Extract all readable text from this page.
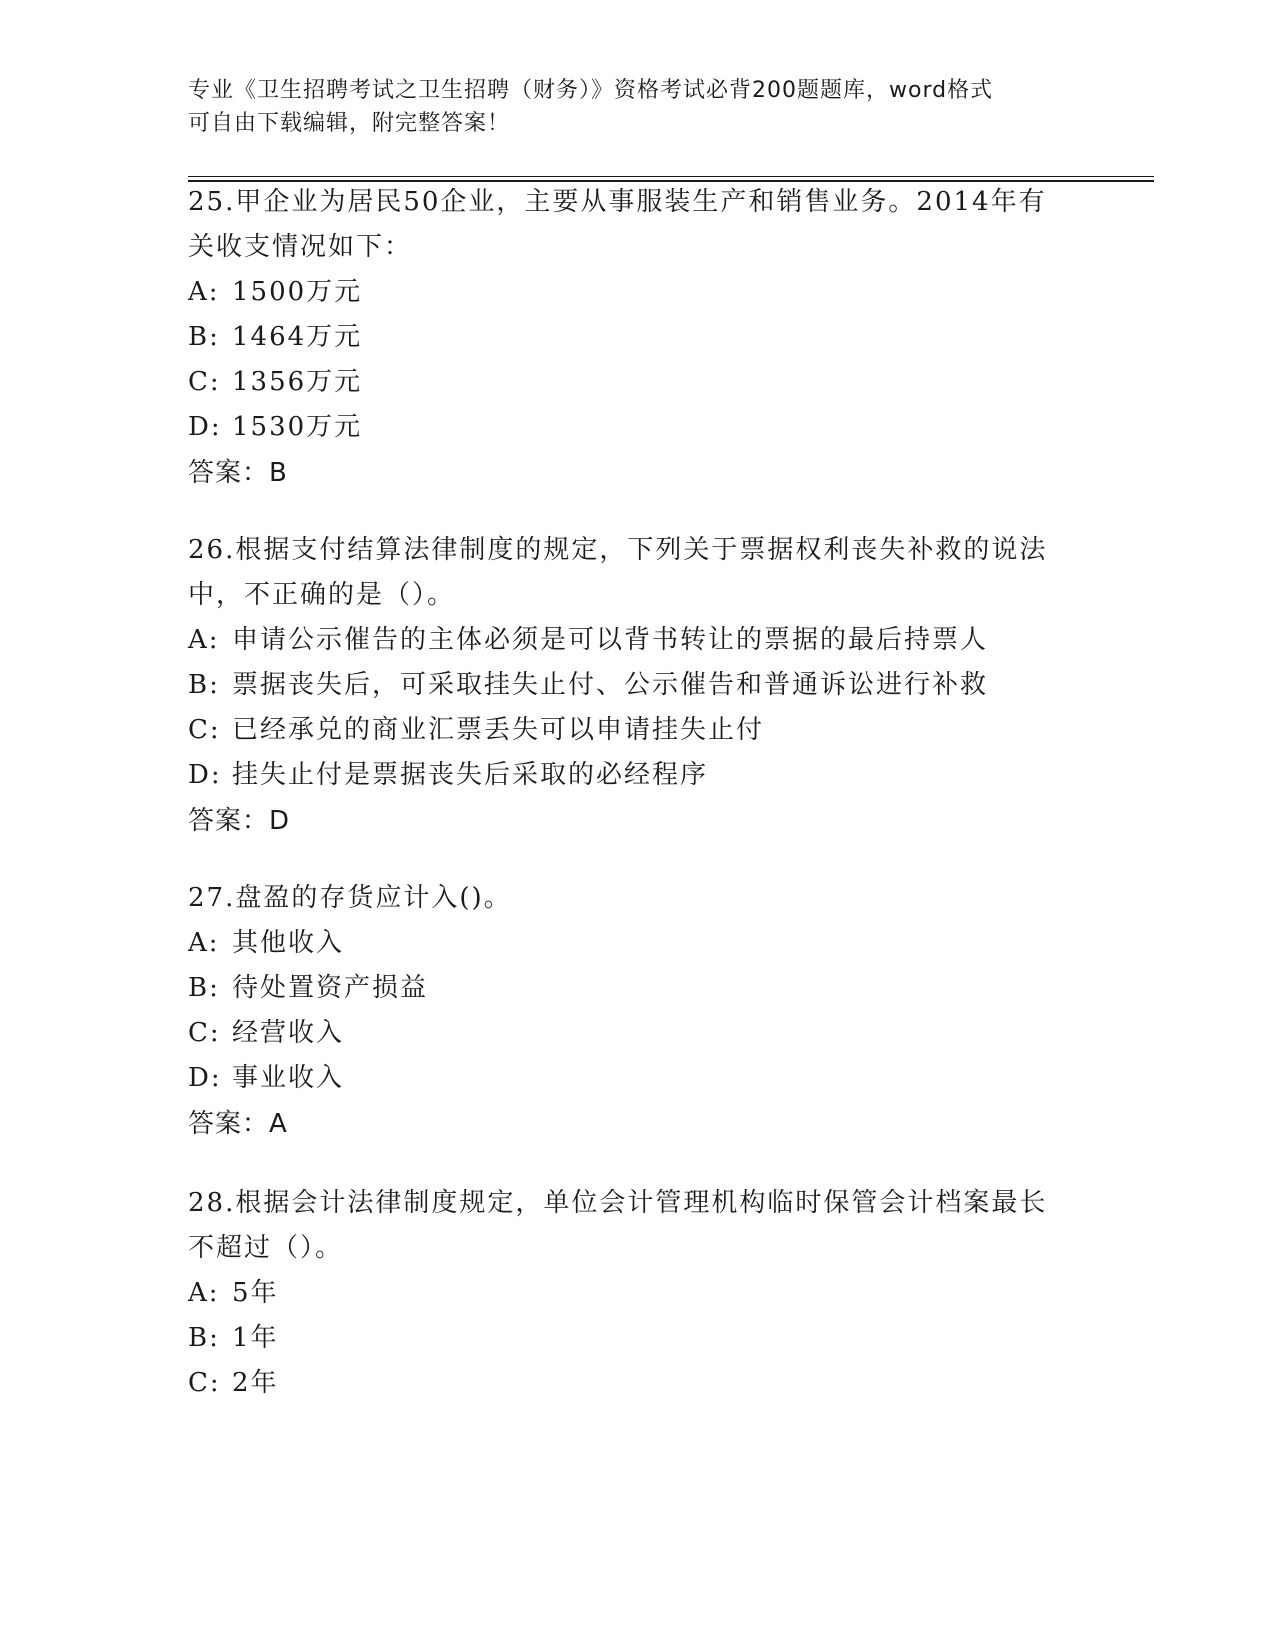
专业《卫生招聘考试之卫生招聘（财务）》资格考试必背200题题库，word格式
可自由下载编辑，附完整答案！

25.甲企业为居民50企业，主要从事服装生产和销售业务。2014年有
关收支情况如下：

A: 1500万元
B: 1464万元
C: 1356万元
D: 1530万元

答案：B

26.根据支付结算法律制度的规定，下列关于票据权利丧失补救的说法
中，不正确的是（）。

A: 申请公示催告的主体必须是可以背书转让的票据的最后持票人
B: 票据丧失后，可采取挂失止付、公示催告和普通诉讼进行补救
C: 已经承兑的商业汇票丢失可以申请挂失止付
D: 挂失止付是票据丧失后采取的必经程序

答案：D

27.盘盈的存货应计入()。

A: 其他收入
B: 待处置资产损益
C: 经营收入
D: 事业收入

答案：A

28.根据会计法律制度规定，单位会计管理机构临时保管会计档案最长
不超过（）。

A: 5年
B: 1年
C: 2年
